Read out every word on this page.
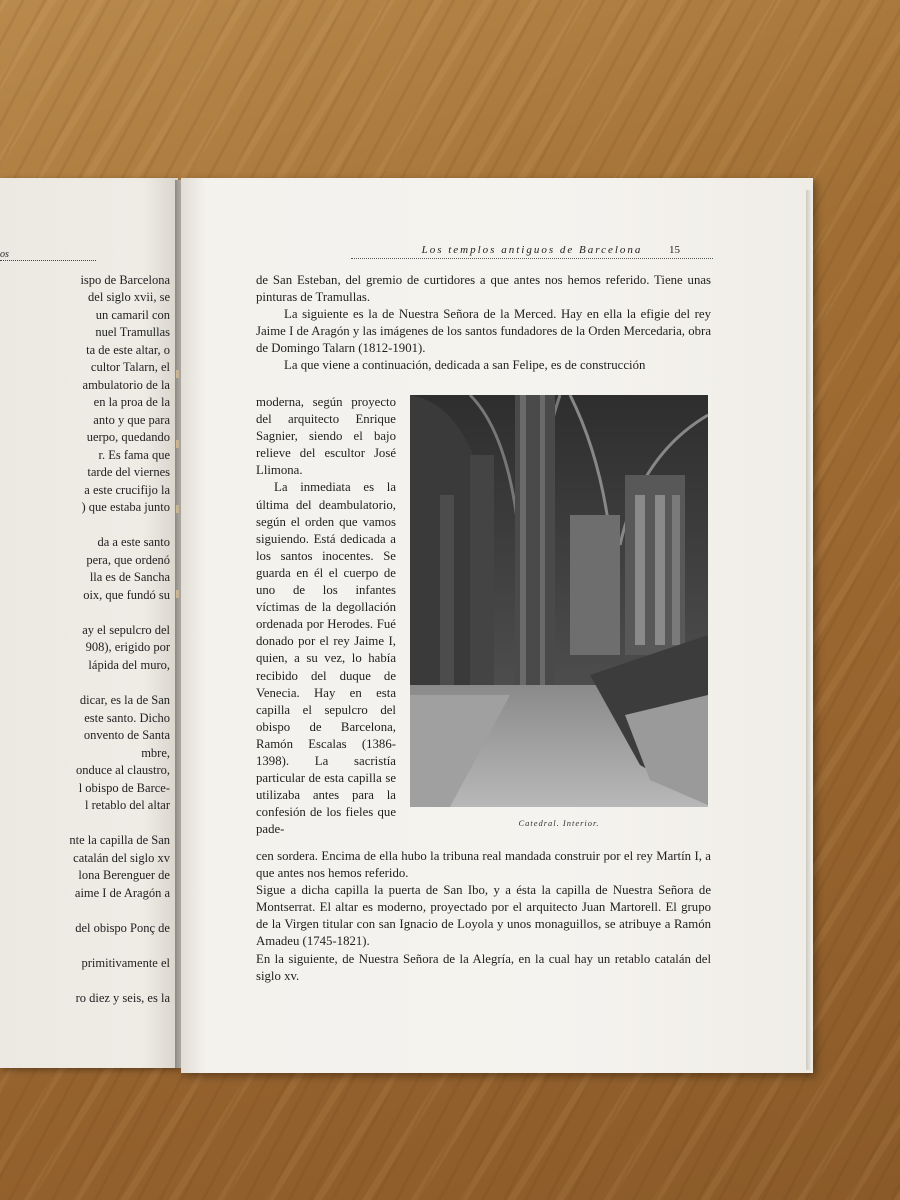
os
ispo de Barcelona
del siglo xvii, se
un camaril con
nuel Tramullas
ta de este altar, o
cultor Talarn, el
ambulatorio de la
en la proa de la
anto y que para
uerpo, quedando
r. Es fama que
tarde del viernes
a este crucifijo la
) que estaba junto
da a este santo
pera, que ordenó
lla es de Sancha
oix, que fundó su
ay el sepulcro del
908), erigido por
lápida del muro,
dicar, es la de San
este santo. Dicho
onvento de Santa
mbre,
onduce al claustro,
l obispo de Barce-
l retablo del altar
nte la capilla de San
catalán del siglo xv
lona Berenguer de
aime I de Aragón a
del obispo Ponç de
primitivamente el
ro diez y seis, es la
Los templos antiguos de Barcelona	15

de San Esteban, del gremio de curtidores a que antes nos hemos referido. Tiene unas pinturas de Tramullas.

La siguiente es la de Nuestra Señora de la Merced. Hay en ella la efigie del rey Jaime I de Aragón y las imágenes de los santos fundadores de la Orden Mercedaria, obra de Domingo Talarn (1812-1901).

La que viene a continuación, dedicada a san Felipe, es de construcción

moderna, según proyecto del arquitecto Enrique Sagnier, siendo el bajo relieve del escultor José Llimona.

La inmediata es la última del deambulatorio, según el orden que vamos siguiendo. Está dedicada a los santos inocentes. Se guarda en él el cuerpo de uno de los infantes víctimas de la degollación ordenada por Herodes. Fué donado por el rey Jaime I, quien, a su vez, lo había recibido del duque de Venecia. Hay en esta capilla el sepulcro del obispo de Barcelona, Ramón Escalas (1386-1398). La sacristía particular de esta capilla se utilizaba antes para la confesión de los fieles que pade-	Catedral. Interior.

cen sordera. Encima de ella hubo la tribuna real mandada construir por el rey Martín I, a que antes nos hemos referido.

Sigue a dicha capilla la puerta de San Ibo, y a ésta la capilla de Nuestra Señora de Montserrat. El altar es moderno, proyectado por el arquitecto Juan Martorell. El grupo de la Virgen titular con san Ignacio de Loyola y unos monaguillos, se atribuye a Ramón Amadeu (1745-1821).

En la siguiente, de Nuestra Señora de la Alegría, en la cual hay un retablo catalán del siglo xv.
